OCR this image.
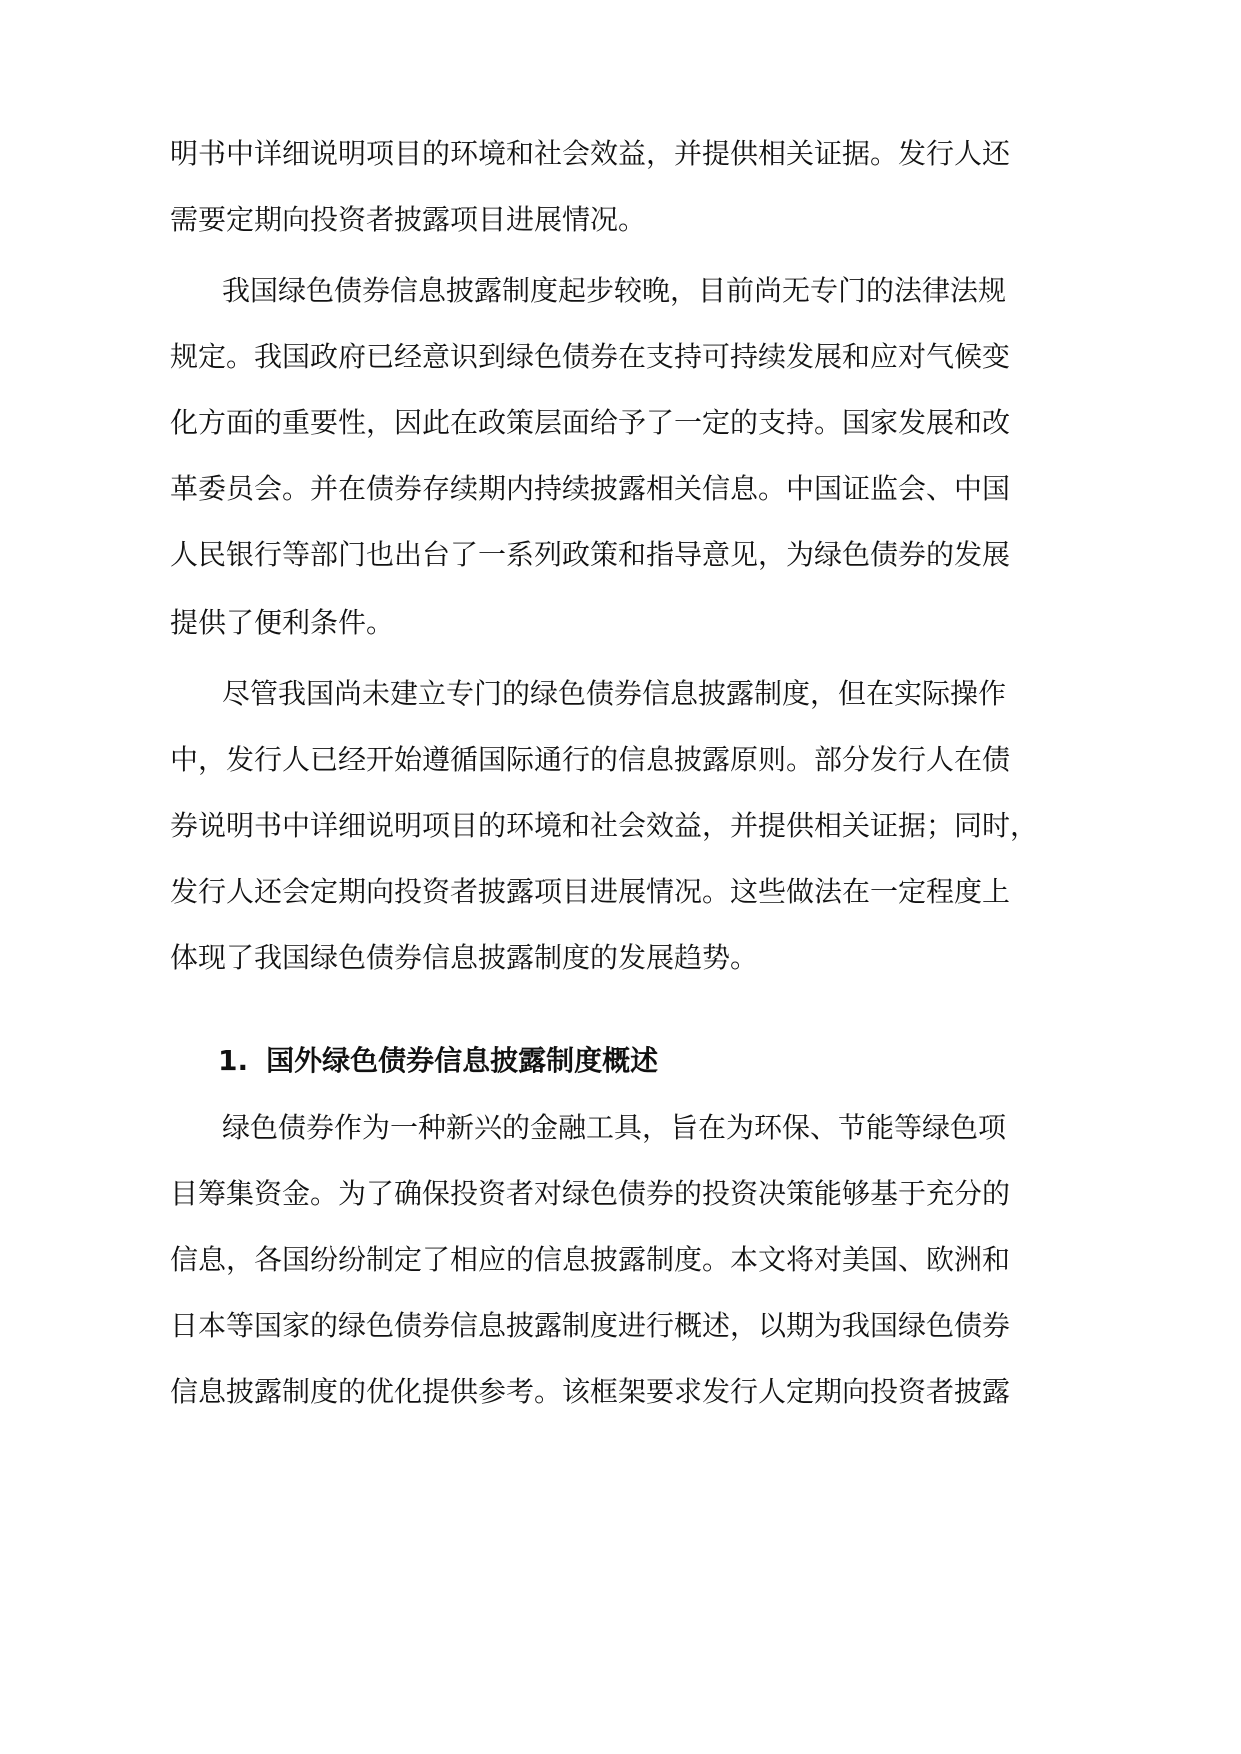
明书中详细说明项目的环境和社会效益，并提供相关证据。发行人还
需要定期向投资者披露项目进展情况。
我国绿色债券信息披露制度起步较晚，目前尚无专门的法律法规
规定。我国政府已经意识到绿色债券在支持可持续发展和应对气候变
化方面的重要性，因此在政策层面给予了一定的支持。国家发展和改
革委员会。并在债券存续期内持续披露相关信息。中国证监会、中国
人民银行等部门也出台了一系列政策和指导意见，为绿色债券的发展
提供了便利条件。
尽管我国尚未建立专门的绿色债券信息披露制度，但在实际操作
中，发行人已经开始遵循国际通行的信息披露原则。部分发行人在债
券说明书中详细说明项目的环境和社会效益，并提供相关证据；同时，
发行人还会定期向投资者披露项目进展情况。这些做法在一定程度上
体现了我国绿色债券信息披露制度的发展趋势。
1. 国外绿色债券信息披露制度概述
绿色债券作为一种新兴的金融工具，旨在为环保、节能等绿色项
目筹集资金。为了确保投资者对绿色债券的投资决策能够基于充分的
信息，各国纷纷制定了相应的信息披露制度。本文将对美国、欧洲和
日本等国家的绿色债券信息披露制度进行概述，以期为我国绿色债券
信息披露制度的优化提供参考。该框架要求发行人定期向投资者披露
